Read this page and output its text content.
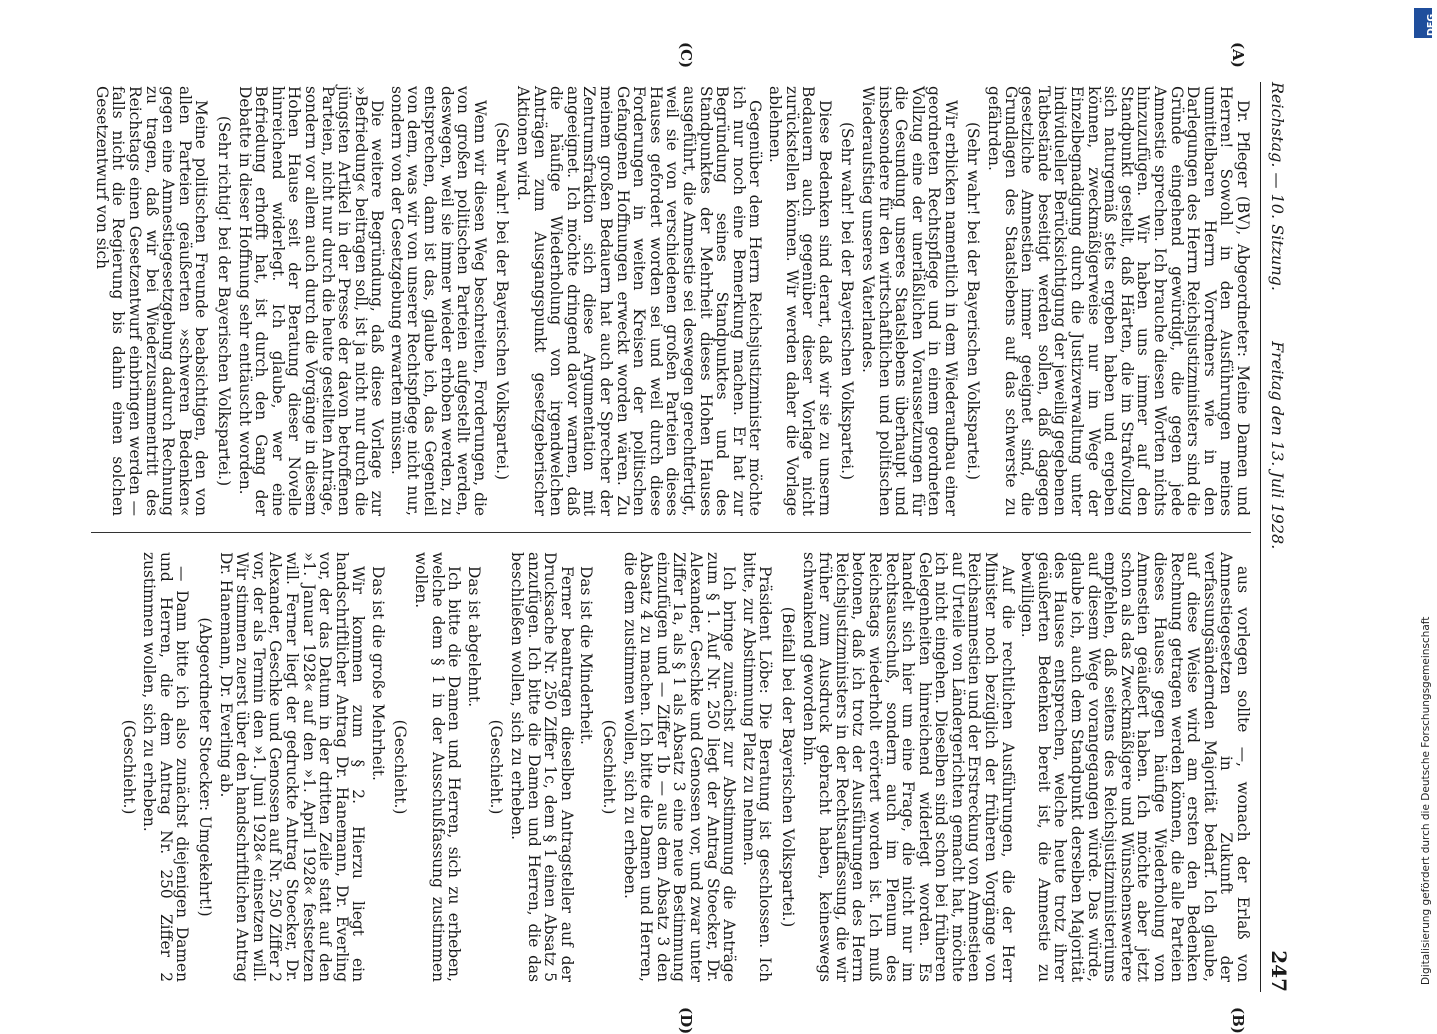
Reichstag. — 10. Sitzung.  Freitag den 13. Juli 1928.
247
(A)
(C)
(B)
(D)

Dr. Pfleger (BV), Abgeordneter: Meine Damen und Herren! Sowohl in den Ausführungen meines unmittelbaren Herrn Vorredners wie in den Darlegungen des Herrn Reichsjustizministers sind die Gründe eingehend gewürdigt, die gegen jede Amnestie sprechen. Ich brauche diesen Worten nichts hinzuzufügen. Wir haben uns immer auf den Standpunkt gestellt, daß Härten, die im Strafvollzug sich naturgemäß stets ergeben haben und ergeben können, zweckmäßigerweise nur im Wege der Einzelbegnadigung durch die Justizverwaltung unter individueller Berücksichtigung der jeweilig gegebenen Tatbestände beseitigt werden sollen, daß dagegen gesetzliche Amnestien immer geeignet sind, die Grundlagen des Staatslebens auf das schwerste zu gefährden.

(Sehr wahr! bei der Bayerischen Volkspartei.)

Wir erblicken namentlich in dem Wiederaufbau einer geordneten Rechtspflege und in einem geordneten Vollzug eine der unerläßlichen Voraussetzungen für die Gesundung unseres Staatslebens überhaupt und insbesondere für den wirtschaftlichen und politischen Wiederaufstieg unseres Vaterlandes.

(Sehr wahr! bei der Bayerischen Volkspartei.)

Diese Bedenken sind derart, daß wir sie zu unserm Bedauern auch gegenüber dieser Vorlage nicht zurückstellen können. Wir werden daher die Vorlage ablehnen.

Gegenüber dem Herrn Reichsjustizminister möchte ich nur noch eine Bemerkung machen. Er hat zur Begründung seines Standpunktes und des Standpunktes der Mehrheit dieses Hohen Hauses ausgeführt, die Amnestie sei deswegen gerechtfertigt, weil sie von verschiedenen großen Parteien dieses Hauses gefordert worden sei und weil durch diese Forderungen in weiten Kreisen der politischen Gefangenen Hoffnungen erweckt worden wären. Zu meinem großen Bedauern hat auch der Sprecher der Zentrumsfraktion sich diese Argumentation mit angeeignet. Ich möchte dringend davor warnen, daß die häufige Wiederholung von irgendwelchen Anträgen zum Ausgangspunkt gesetzgeberischer Aktionen wird.

(Sehr wahr! bei der Bayerischen Volkspartei.)

Wenn wir diesen Weg beschreiten, Forderungen, die von großen politischen Parteien aufgestellt werden, deswegen, weil sie immer wieder erhoben werden, zu entsprechen, dann ist das, glaube ich, das Gegenteil von dem, was wir von unserer Rechtspflege nicht nur, sondern von der Gesetzgebung erwarten müssen.

Die weitere Begründung, daß diese Vorlage zur »Befriedung« beitragen soll, ist ja nicht nur durch die jüngsten Artikel in der Presse der davon betroffenen Parteien, nicht nur durch die heute gestellten Anträge, sondern vor allem auch durch die Vorgänge in diesem Hohen Hause seit der Beratung dieser Novelle hinreichend widerlegt. Ich glaube, wer eine Befriedung erhofft hat, ist durch den Gang der Debatte in dieser Hoffnung sehr enttäuscht worden.

(Sehr richtig! bei der Bayerischen Volkspartei.)

Meine politischen Freunde beabsichtigen, den von allen Parteien geäußerten »schweren Bedenken« gegen eine Amnestiegesetzgebung dadurch Rechnung zu tragen, daß wir bei Wiederzusammentritt des Reichstags einen Gesetzentwurf einbringen werden — falls nicht die Regierung bis dahin einen solchen Gesetzentwurf von sich

aus vorlegen sollte —, wonach der Erlaß von Amnestiegesetzen in Zukunft der verfassungsändernden Majorität bedarf. Ich glaube, auf diese Weise wird am ersten den Bedenken Rechnung getragen werden können, die alle Parteien dieses Hauses gegen häufige Wiederholung von Amnestien geäußert haben. Ich möchte aber jetzt schon als das Zweckmäßigere und Wünschenswertere empfehlen, daß seitens des Reichsjustizministeriums auf diesem Wege vorangegangen würde. Das würde, glaube ich, auch dem Standpunkt derselben Majorität des Hauses entsprechen, welche heute trotz ihrer geäußerten Bedenken bereit ist, die Amnestie zu bewilligen.

Auf die rechtlichen Ausführungen, die der Herr Minister noch bezüglich der früheren Vorgänge von Reichsamnestien und der Erstreckung von Amnestieen auf Urteile von Ländergerichten gemacht hat, möchte ich nicht eingehen. Dieselben sind schon bei früheren Gelegenheiten hinreichend widerlegt worden. Es handelt sich hier um eine Frage, die nicht nur im Rechtsausschuß, sondern auch im Plenum des Reichstags wiederholt erörtert worden ist. Ich muß betonen, daß ich trotz der Ausführungen des Herrn Reichsjustizministers in der Rechtsauffassung, die wir früher zum Ausdruck gebracht haben, keineswegs schwankend geworden bin.

(Beifall bei der Bayerischen Volkspartei.)

Präsident Löbe: Die Beratung ist geschlossen. Ich bitte, zur Abstimmung Platz zu nehmen.

Ich bringe zunächst zur Abstimmung die Anträge zum § 1. Auf Nr. 250 liegt der Antrag Stoecker, Dr. Alexander, Geschke und Genossen vor, und zwar unter Ziffer 1a, als § 1 als Absatz 3 eine neue Bestimmung einzufügen und — Ziffer 1b — aus dem Absatz 3 den Absatz 4 zu machen. Ich bitte die Damen und Herren, die dem zustimmen wollen, sich zu erheben.

(Geschieht.)

Das ist die Minderheit.

Ferner beantragen dieselben Antragsteller auf der Drucksache Nr. 250 Ziffer 1c, dem § 1 einen Absatz 5 anzufügen. Ich bitte die Damen und Herren, die das beschließen wollen, sich zu erheben.

(Geschieht.)

Das ist abgelehnt.

Ich bitte die Damen und Herren, sich zu erheben, welche dem § 1 in der Ausschußfassung zustimmen wollen.

(Geschieht.)

Das ist die große Mehrheit.

Wir kommen zum § 2. Hierzu liegt ein handschriftlicher Antrag Dr. Hanemann, Dr. Everling vor, der das Datum in der dritten Zeile statt auf den »1. Januar 1928« auf den »1. April 1928« festsetzen will. Ferner liegt der gedruckte Antrag Stoecker, Dr. Alexander, Geschke und Genossen auf Nr. 250 Ziffer 2 vor, der als Termin den »1. Juni 1928« einsetzen will. Wir stimmen zuerst über den handschriftlichen Antrag Dr. Hanemann, Dr. Everling ab.

(Abgeordneter Stoecker: Umgekehrt!)

— Dann bitte ich also zunächst diejenigen Damen und Herren, die dem Antrag Nr. 250 Ziffer 2 zustimmen wollen, sich zu erheben.

(Geschieht.)

DFG
Digitalisierung gefördert durch die Deutsche Forschungsgemeinschaft
